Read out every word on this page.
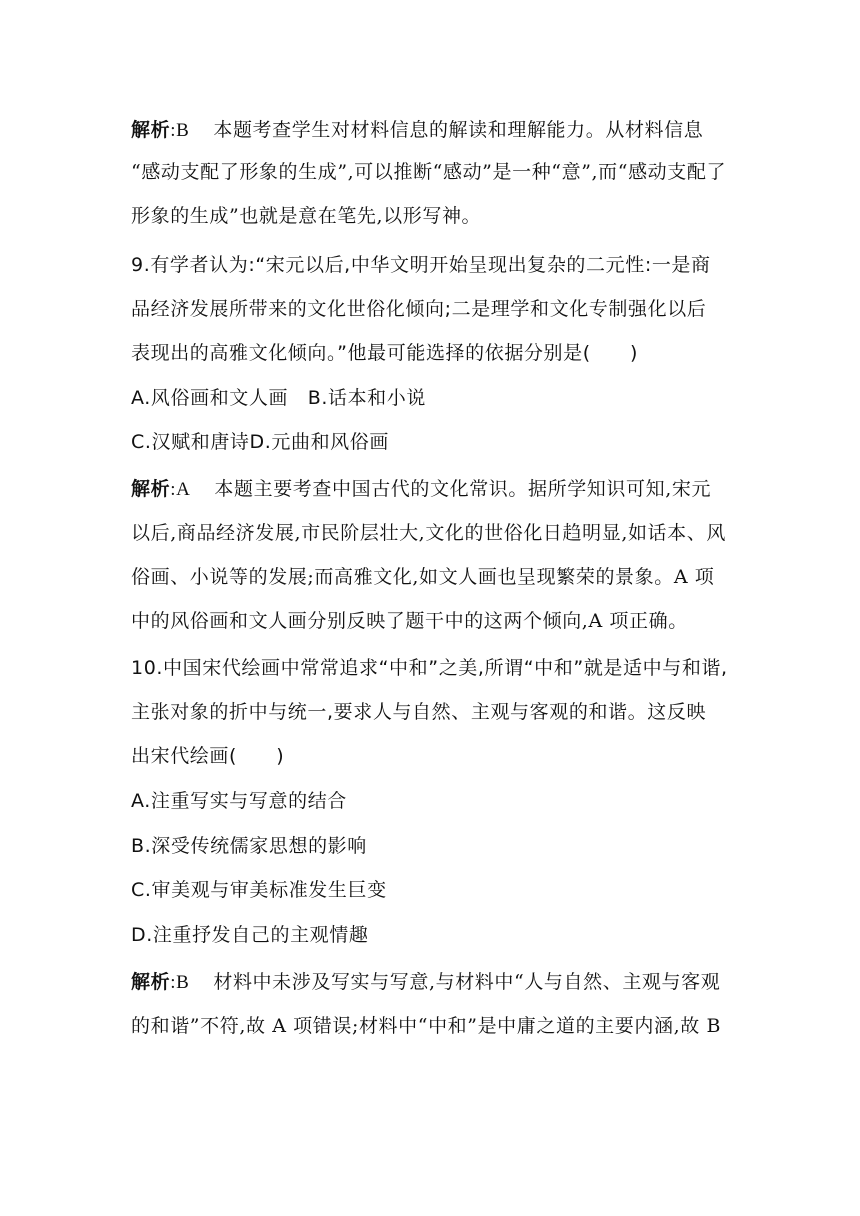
解析:B 本题考查学生对材料信息的解读和理解能力。从材料信息
“感动支配了形象的生成”,可以推断“感动”是一种“意”,而“感动支配了
形象的生成”也就是意在笔先,以形写神。
9.有学者认为:“宋元以后,中华文明开始呈现出复杂的二元性:一是商
品经济发展所带来的文化世俗化倾向;二是理学和文化专制强化以后
表现出的高雅文化倾向。”他最可能选择的依据分别是(　　)
A.风俗画和文人画　B.话本和小说
C.汉赋和唐诗D.元曲和风俗画
解析:A 本题主要考查中国古代的文化常识。据所学知识可知,宋元
以后,商品经济发展,市民阶层壮大,文化的世俗化日趋明显,如话本、风
俗画、小说等的发展;而高雅文化,如文人画也呈现繁荣的景象。A 项
中的风俗画和文人画分别反映了题干中的这两个倾向,A 项正确。
10.中国宋代绘画中常常追求“中和”之美,所谓“中和”就是适中与和谐,
主张对象的折中与统一,要求人与自然、主观与客观的和谐。这反映
出宋代绘画(　　)
A.注重写实与写意的结合
B.深受传统儒家思想的影响
C.审美观与审美标准发生巨变
D.注重抒发自己的主观情趣
解析:B 材料中未涉及写实与写意,与材料中“人与自然、主观与客观
的和谐”不符,故 A 项错误;材料中“中和”是中庸之道的主要内涵,故 B
